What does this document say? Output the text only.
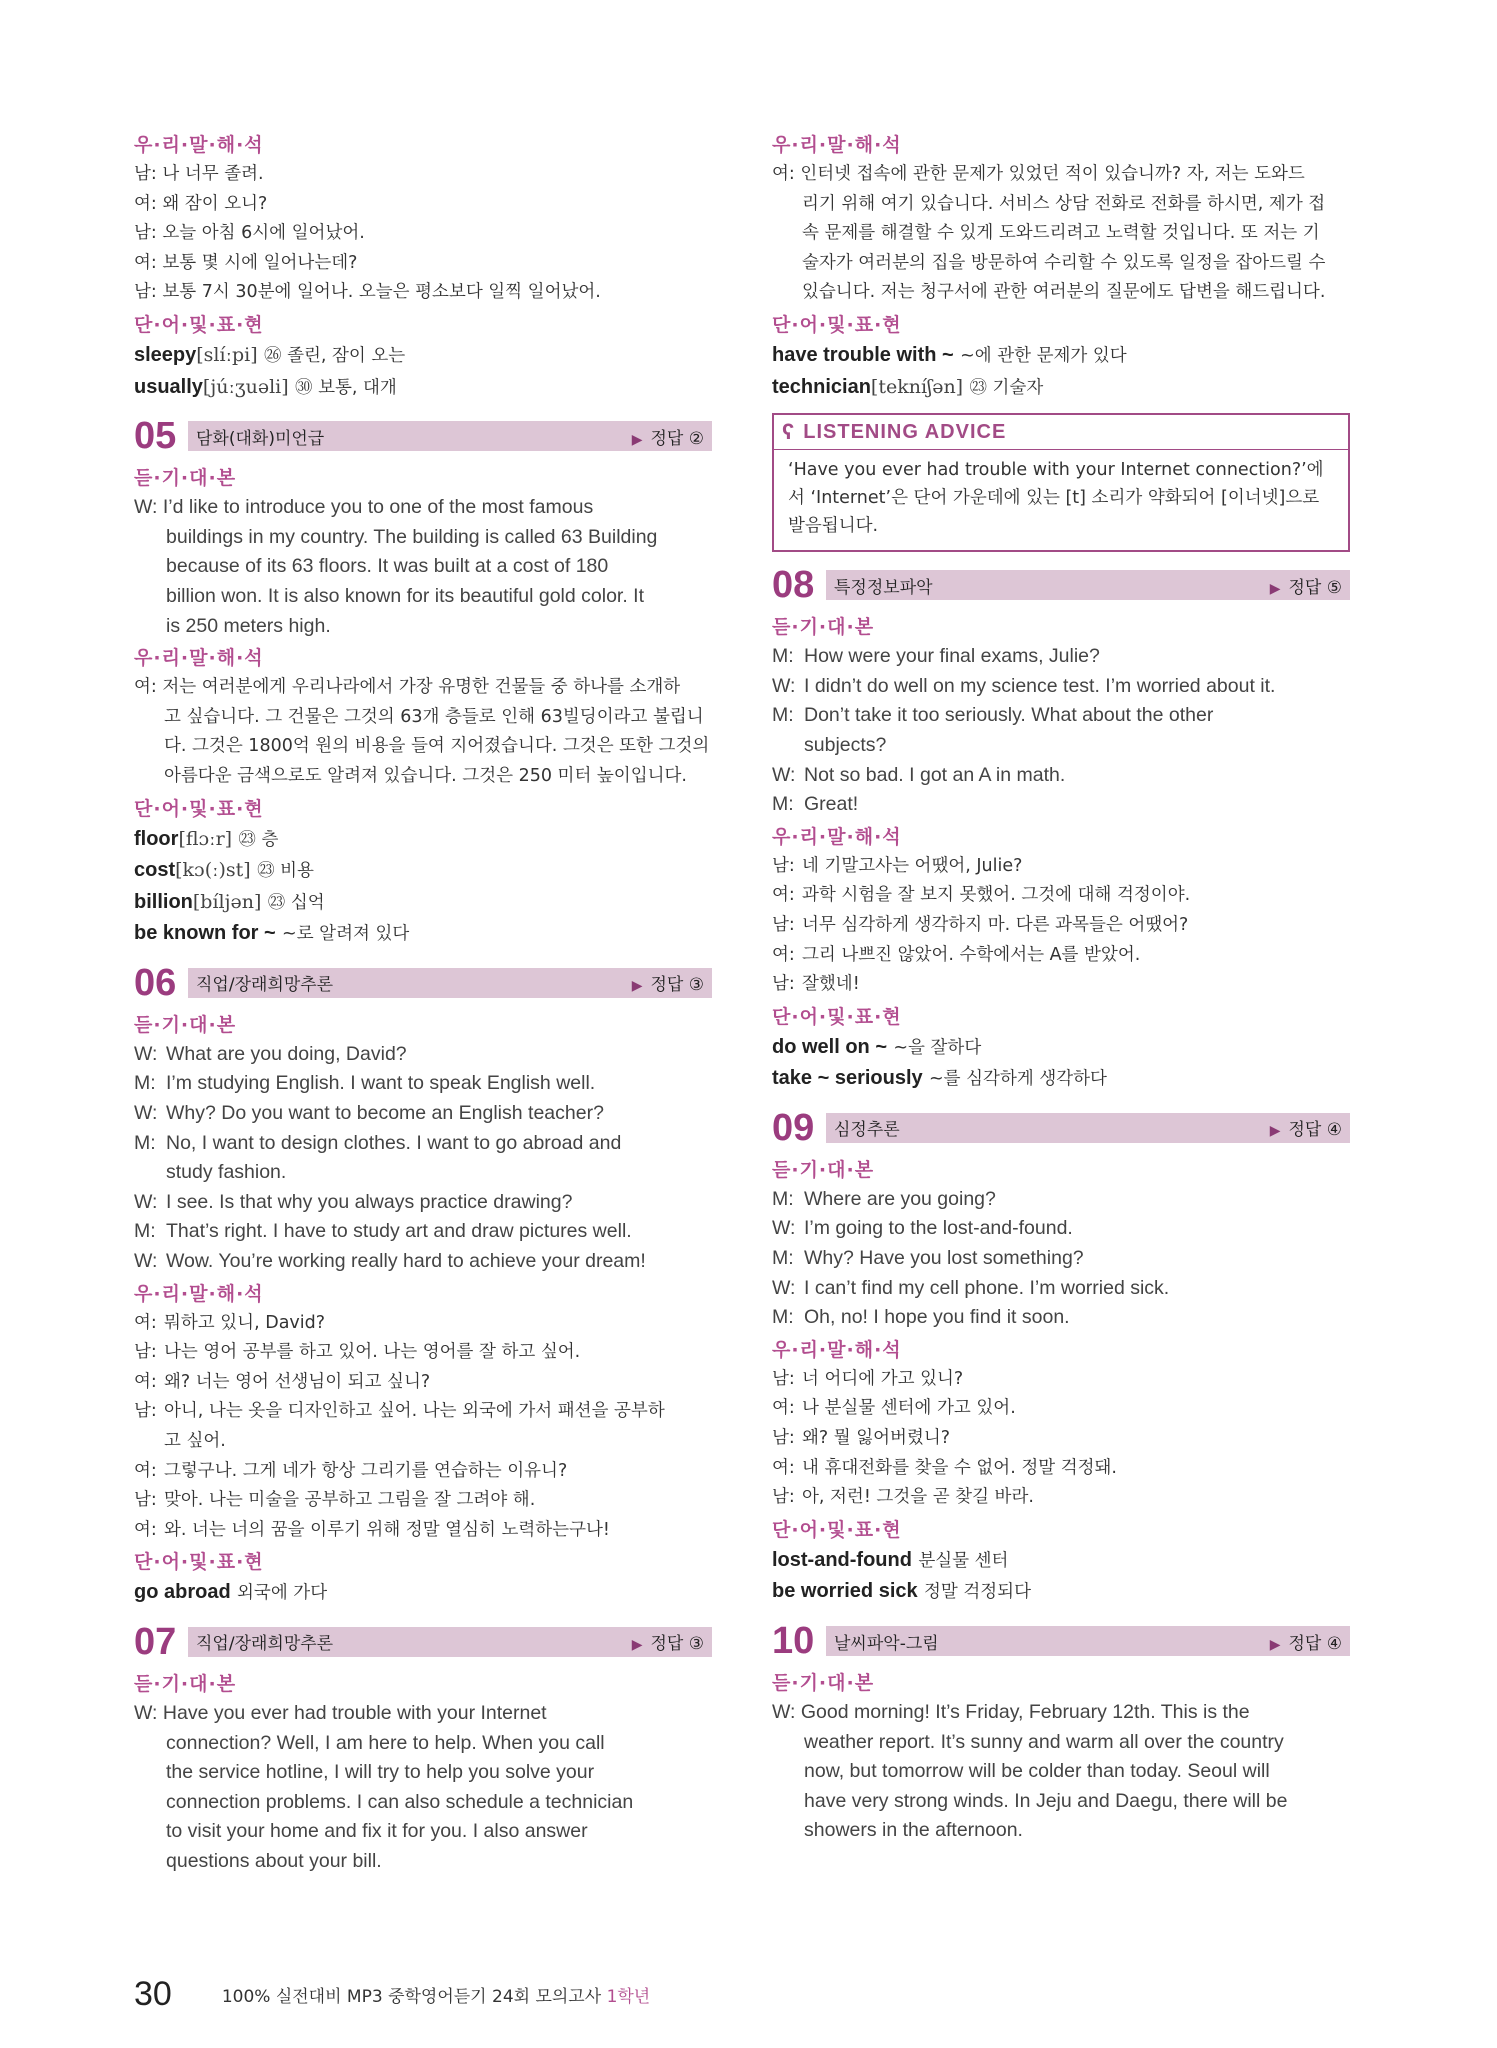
우·리·말·해·석
남: 나 너무 졸려.
여: 왜 잠이 오니?
남: 오늘 아침 6시에 일어났어.
여: 보통 몇 시에 일어나는데?
남: 보통 7시 30분에 일어나. 오늘은 평소보다 일찍 일어났어.
단·어·및·표·현
sleepy[slíːpi] ㉖ 졸린, 잠이 오는
usually[júːʒuəli] ㉚ 보통, 대개
05	담화(대화)미언급	▶ 정답 ②
듣·기·대·본
W: I’d like to introduce you to one of the most famous
buildings in my country. The building is called 63 Building
because of its 63 floors. It was built at a cost of 180
billion won. It is also known for its beautiful gold color. It
is 250 meters high.
우·리·말·해·석
여: 저는 여러분에게 우리나라에서 가장 유명한 건물들 중 하나를 소개하
고 싶습니다. 그 건물은 그것의 63개 층들로 인해 63빌딩이라고 불립니
다. 그것은 1800억 원의 비용을 들여 지어졌습니다. 그것은 또한 그것의
아름다운 금색으로도 알려져 있습니다. 그것은 250 미터 높이입니다.
단·어·및·표·현
floor[flɔːr] ㉓ 층
cost[kɔ(ː)st] ㉓ 비용
billion[bíljən] ㉓ 십억
be known for ~ ~로 알려져 있다
06	직업/장래희망추론	▶ 정답 ③
듣·기·대·본
W: What are you doing, David?
M: I’m studying English. I want to speak English well.
W: Why? Do you want to become an English teacher?
M: No, I want to design clothes. I want to go abroad and
study fashion.
W: I see. Is that why you always practice drawing?
M: That’s right. I have to study art and draw pictures well.
W: Wow. You’re working really hard to achieve your dream!
우·리·말·해·석
여: 뭐하고 있니, David?
남: 나는 영어 공부를 하고 있어. 나는 영어를 잘 하고 싶어.
여: 왜? 너는 영어 선생님이 되고 싶니?
남: 아니, 나는 옷을 디자인하고 싶어. 나는 외국에 가서 패션을 공부하
고 싶어.
여: 그렇구나. 그게 네가 항상 그리기를 연습하는 이유니?
남: 맞아. 나는 미술을 공부하고 그림을 잘 그려야 해.
여: 와. 너는 너의 꿈을 이루기 위해 정말 열심히 노력하는구나!
단·어·및·표·현
go abroad 외국에 가다
07	직업/장래희망추론	▶ 정답 ③
듣·기·대·본
W: Have you ever had trouble with your Internet
connection? Well, I am here to help. When you call
the service hotline, I will try to help you solve your
connection problems. I can also schedule a technician
to visit your home and fix it for you. I also answer
questions about your bill.
우·리·말·해·석
여: 인터넷 접속에 관한 문제가 있었던 적이 있습니까? 자, 저는 도와드
리기 위해 여기 있습니다. 서비스 상담 전화로 전화를 하시면, 제가 접
속 문제를 해결할 수 있게 도와드리려고 노력할 것입니다. 또 저는 기
술자가 여러분의 집을 방문하여 수리할 수 있도록 일정을 잡아드릴 수
있습니다. 저는 청구서에 관한 여러분의 질문에도 답변을 해드립니다.
단·어·및·표·현
have trouble with ~ ~에 관한 문제가 있다
technician[tekníʃən] ㉓ 기술자
ʕ LISTENING ADVICE
‘Have you ever had trouble with your Internet connection?’에
서 ‘Internet’은 단어 가운데에 있는 [t] 소리가 약화되어 [이너넷]으로
발음됩니다.
08	특정정보파악	▶ 정답 ⑤
듣·기·대·본
M: How were your final exams, Julie?
W: I didn’t do well on my science test. I’m worried about it.
M: Don’t take it too seriously. What about the other
subjects?
W: Not so bad. I got an A in math.
M: Great!
우·리·말·해·석
남: 네 기말고사는 어땠어, Julie?
여: 과학 시험을 잘 보지 못했어. 그것에 대해 걱정이야.
남: 너무 심각하게 생각하지 마. 다른 과목들은 어땠어?
여: 그리 나쁘진 않았어. 수학에서는 A를 받았어.
남: 잘했네!
단·어·및·표·현
do well on ~ ~을 잘하다
take ~ seriously ~를 심각하게 생각하다
09	심정추론	▶ 정답 ④
듣·기·대·본
M: Where are you going?
W: I’m going to the lost-and-found.
M: Why? Have you lost something?
W: I can’t find my cell phone. I’m worried sick.
M: Oh, no! I hope you find it soon.
우·리·말·해·석
남: 너 어디에 가고 있니?
여: 나 분실물 센터에 가고 있어.
남: 왜? 뭘 잃어버렸니?
여: 내 휴대전화를 찾을 수 없어. 정말 걱정돼.
남: 아, 저런! 그것을 곧 찾길 바라.
단·어·및·표·현
lost-and-found 분실물 센터
be worried sick 정말 걱정되다
10	날씨파악-그림	▶ 정답 ④
듣·기·대·본
W: Good morning! It’s Friday, February 12th. This is the
weather report. It’s sunny and warm all over the country
now, but tomorrow will be colder than today. Seoul will
have very strong winds. In Jeju and Daegu, there will be
showers in the afternoon.
30	100% 실전대비 MP3 중학영어듣기 24회 모의고사 1학년
